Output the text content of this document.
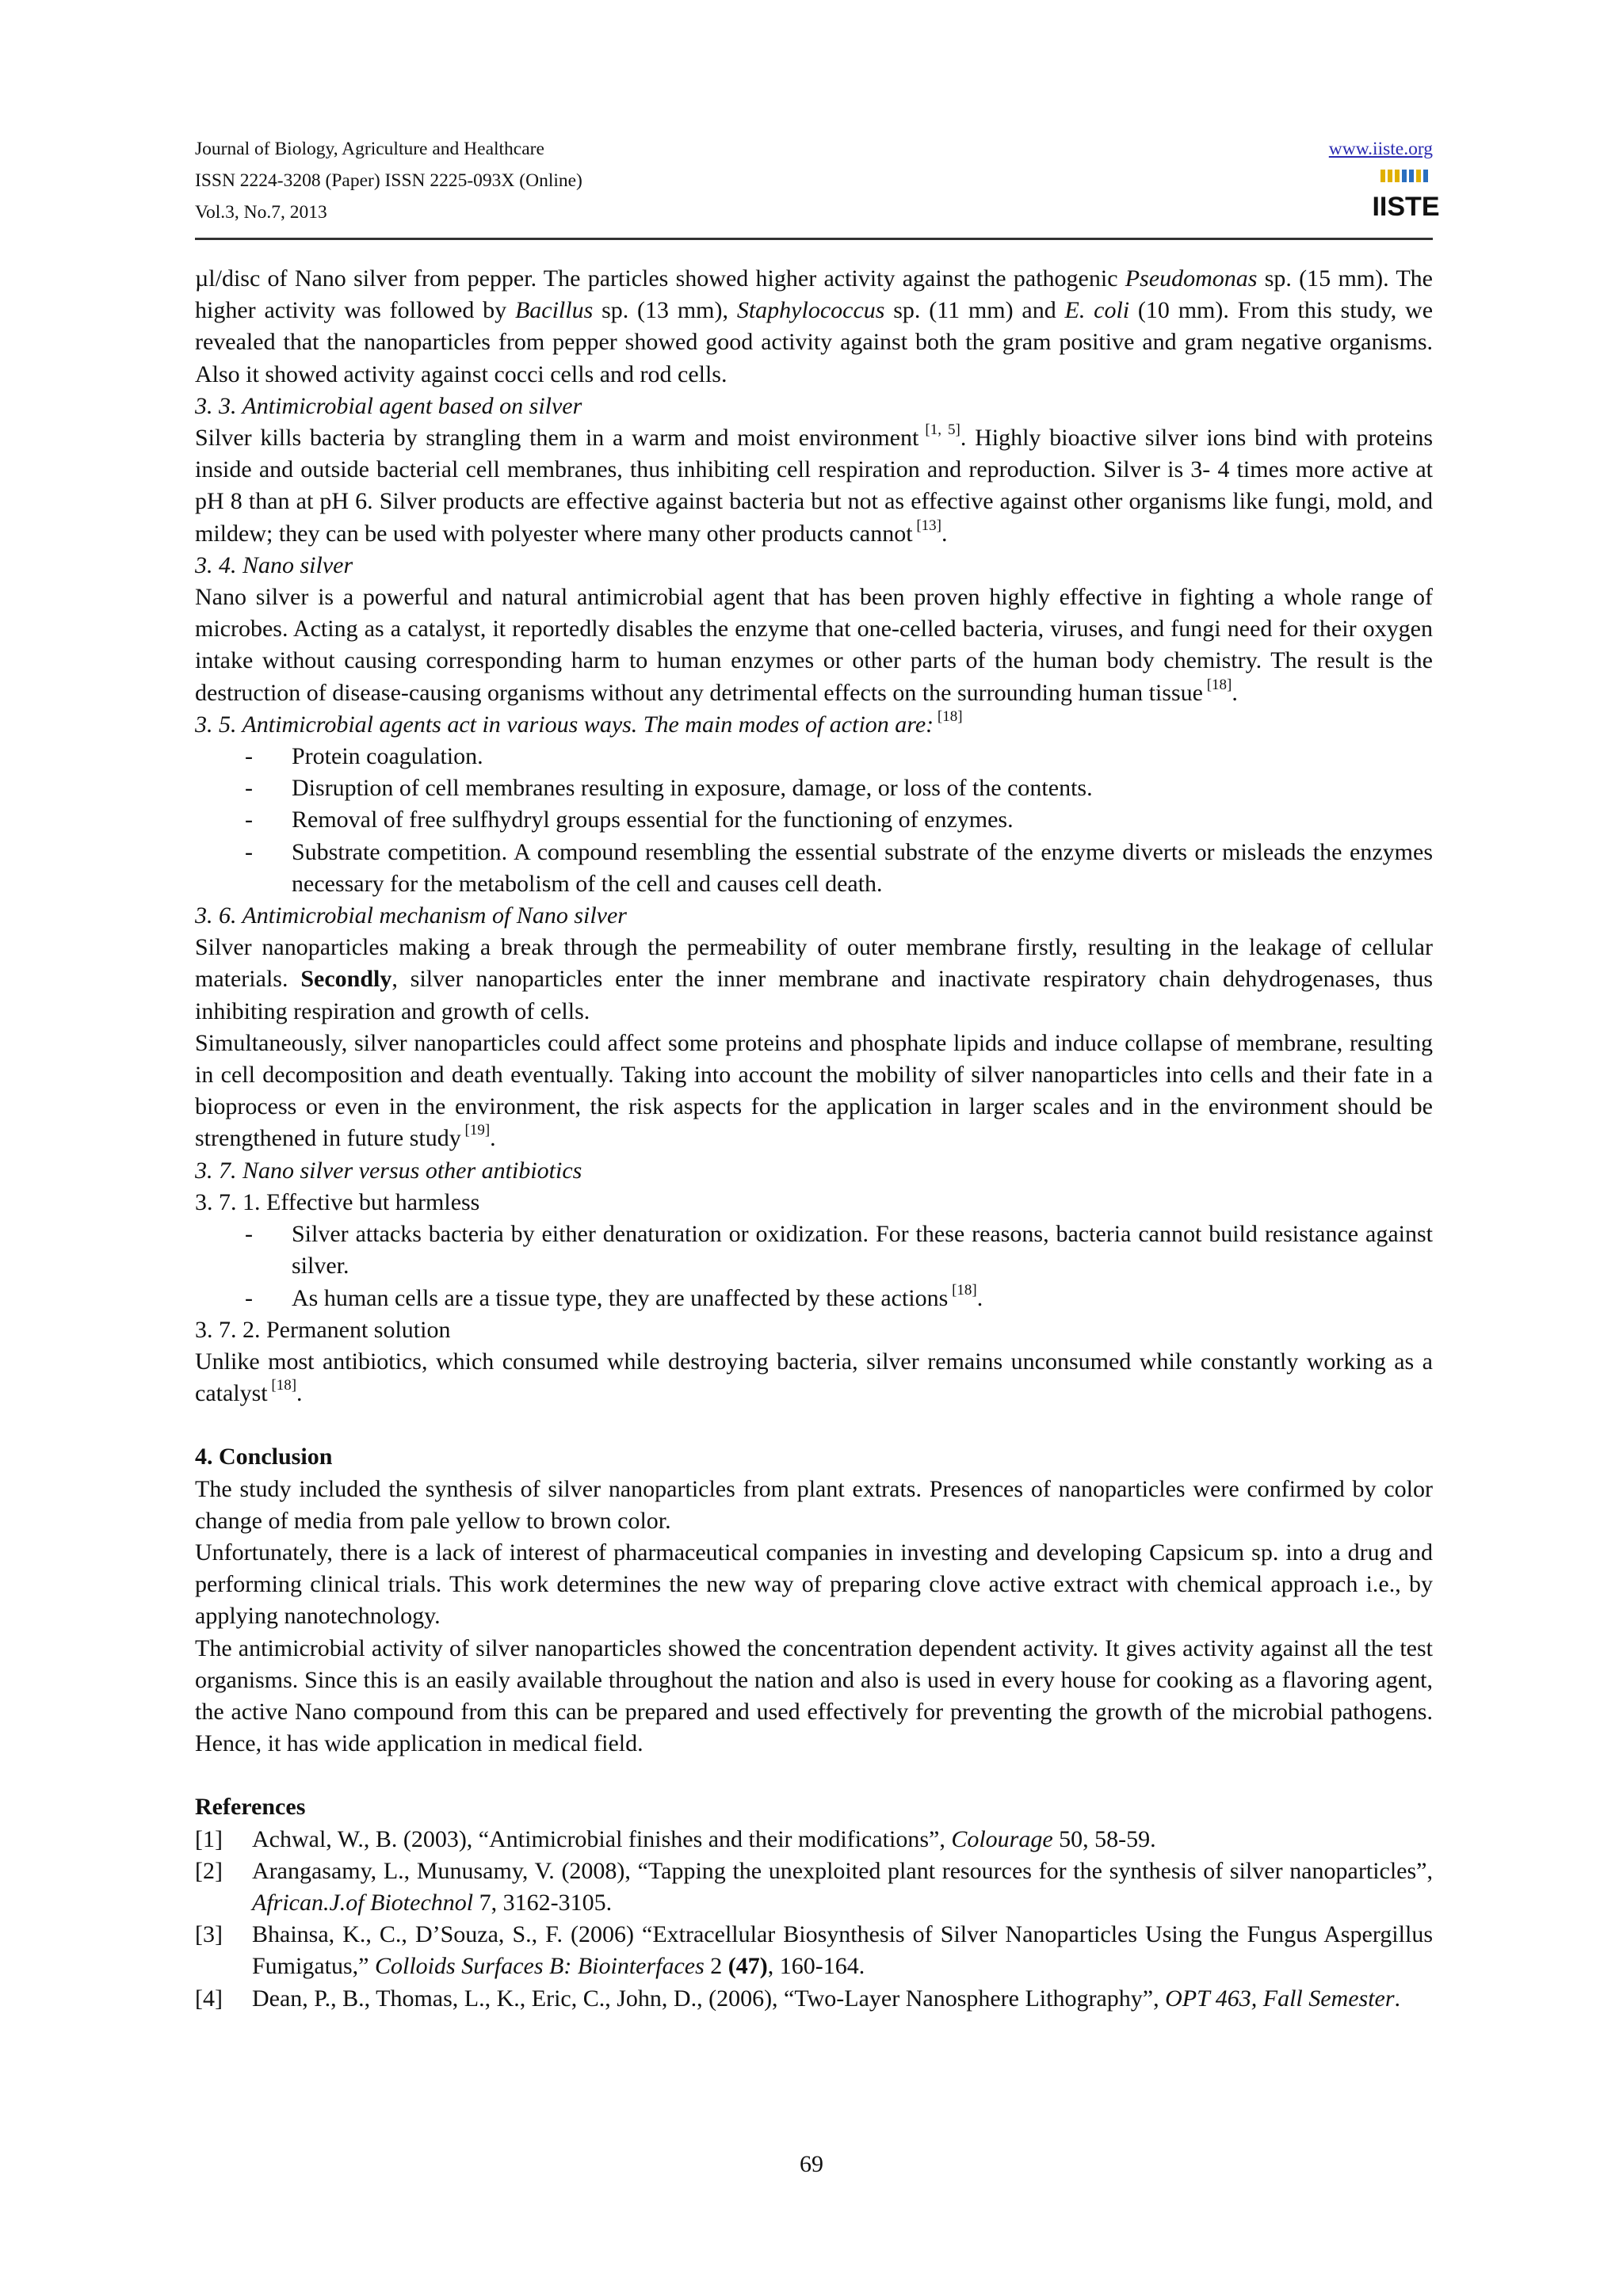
Journal of Biology, Agriculture and Healthcare
ISSN 2224-3208 (Paper) ISSN 2225-093X (Online)
Vol.3, No.7, 2013
www.iiste.org
IISTE

µl/disc of Nano silver from pepper. The particles showed higher activity against the pathogenic Pseudomonas sp. (15 mm). The higher activity was followed by Bacillus sp. (13 mm), Staphylococcus sp. (11 mm) and E. coli (10 mm). From this study, we revealed that the nanoparticles from pepper showed good activity against both the gram positive and gram negative organisms. Also it showed activity against cocci cells and rod cells.

3. 3. Antimicrobial agent based on silver

Silver kills bacteria by strangling them in a warm and moist environment [1, 5]. Highly bioactive silver ions bind with proteins inside and outside bacterial cell membranes, thus inhibiting cell respiration and reproduction. Silver is 3- 4 times more active at pH 8 than at pH 6. Silver products are effective against bacteria but not as effective against other organisms like fungi, mold, and mildew; they can be used with polyester where many other products cannot [13].

3. 4. Nano silver

Nano silver is a powerful and natural antimicrobial agent that has been proven highly effective in fighting a whole range of microbes. Acting as a catalyst, it reportedly disables the enzyme that one-celled bacteria, viruses, and fungi need for their oxygen intake without causing corresponding harm to human enzymes or other parts of the human body chemistry. The result is the destruction of disease-causing organisms without any detrimental effects on the surrounding human tissue [18].

3. 5. Antimicrobial agents act in various ways. The main modes of action are: [18]

- Protein coagulation.
- Disruption of cell membranes resulting in exposure, damage, or loss of the contents.
- Removal of free sulfhydryl groups essential for the functioning of enzymes.
- Substrate competition. A compound resembling the essential substrate of the enzyme diverts or misleads the enzymes necessary for the metabolism of the cell and causes cell death.

3. 6. Antimicrobial mechanism of Nano silver

Silver nanoparticles making a break through the permeability of outer membrane firstly, resulting in the leakage of cellular materials. Secondly, silver nanoparticles enter the inner membrane and inactivate respiratory chain dehydrogenases, thus inhibiting respiration and growth of cells.

Simultaneously, silver nanoparticles could affect some proteins and phosphate lipids and induce collapse of membrane, resulting in cell decomposition and death eventually. Taking into account the mobility of silver nanoparticles into cells and their fate in a bioprocess or even in the environment, the risk aspects for the application in larger scales and in the environment should be strengthened in future study [19].

3. 7. Nano silver versus other antibiotics

3. 7. 1. Effective but harmless

- Silver attacks bacteria by either denaturation or oxidization. For these reasons, bacteria cannot build resistance against silver.
- As human cells are a tissue type, they are unaffected by these actions [18].

3. 7. 2. Permanent solution

Unlike most antibiotics, which consumed while destroying bacteria, silver remains unconsumed while constantly working as a catalyst [18].

4. Conclusion

The study included the synthesis of silver nanoparticles from plant extrats. Presences of nanoparticles were confirmed by color change of media from pale yellow to brown color.

Unfortunately, there is a lack of interest of pharmaceutical companies in investing and developing Capsicum sp. into a drug and performing clinical trials. This work determines the new way of preparing clove active extract with chemical approach i.e., by applying nanotechnology.

The antimicrobial activity of silver nanoparticles showed the concentration dependent activity. It gives activity against all the test organisms. Since this is an easily available throughout the nation and also is used in every house for cooking as a flavoring agent, the active Nano compound from this can be prepared and used effectively for preventing the growth of the microbial pathogens. Hence, it has wide application in medical field.

References

[1] Achwal, W., B. (2003), “Antimicrobial finishes and their modifications”, Colourage 50, 58-59.
[2] Arangasamy, L., Munusamy, V. (2008), “Tapping the unexploited plant resources for the synthesis of silver nanoparticles”, African.J.of Biotechnol 7, 3162-3105.
[3] Bhainsa, K., C., D’Souza, S., F. (2006) “Extracellular Biosynthesis of Silver Nanoparticles Using the Fungus Aspergillus Fumigatus,” Colloids Surfaces B: Biointerfaces 2 (47), 160-164.
[4] Dean, P., B., Thomas, L., K., Eric, C., John, D., (2006), “Two-Layer Nanosphere Lithography”, OPT 463, Fall Semester.
69
